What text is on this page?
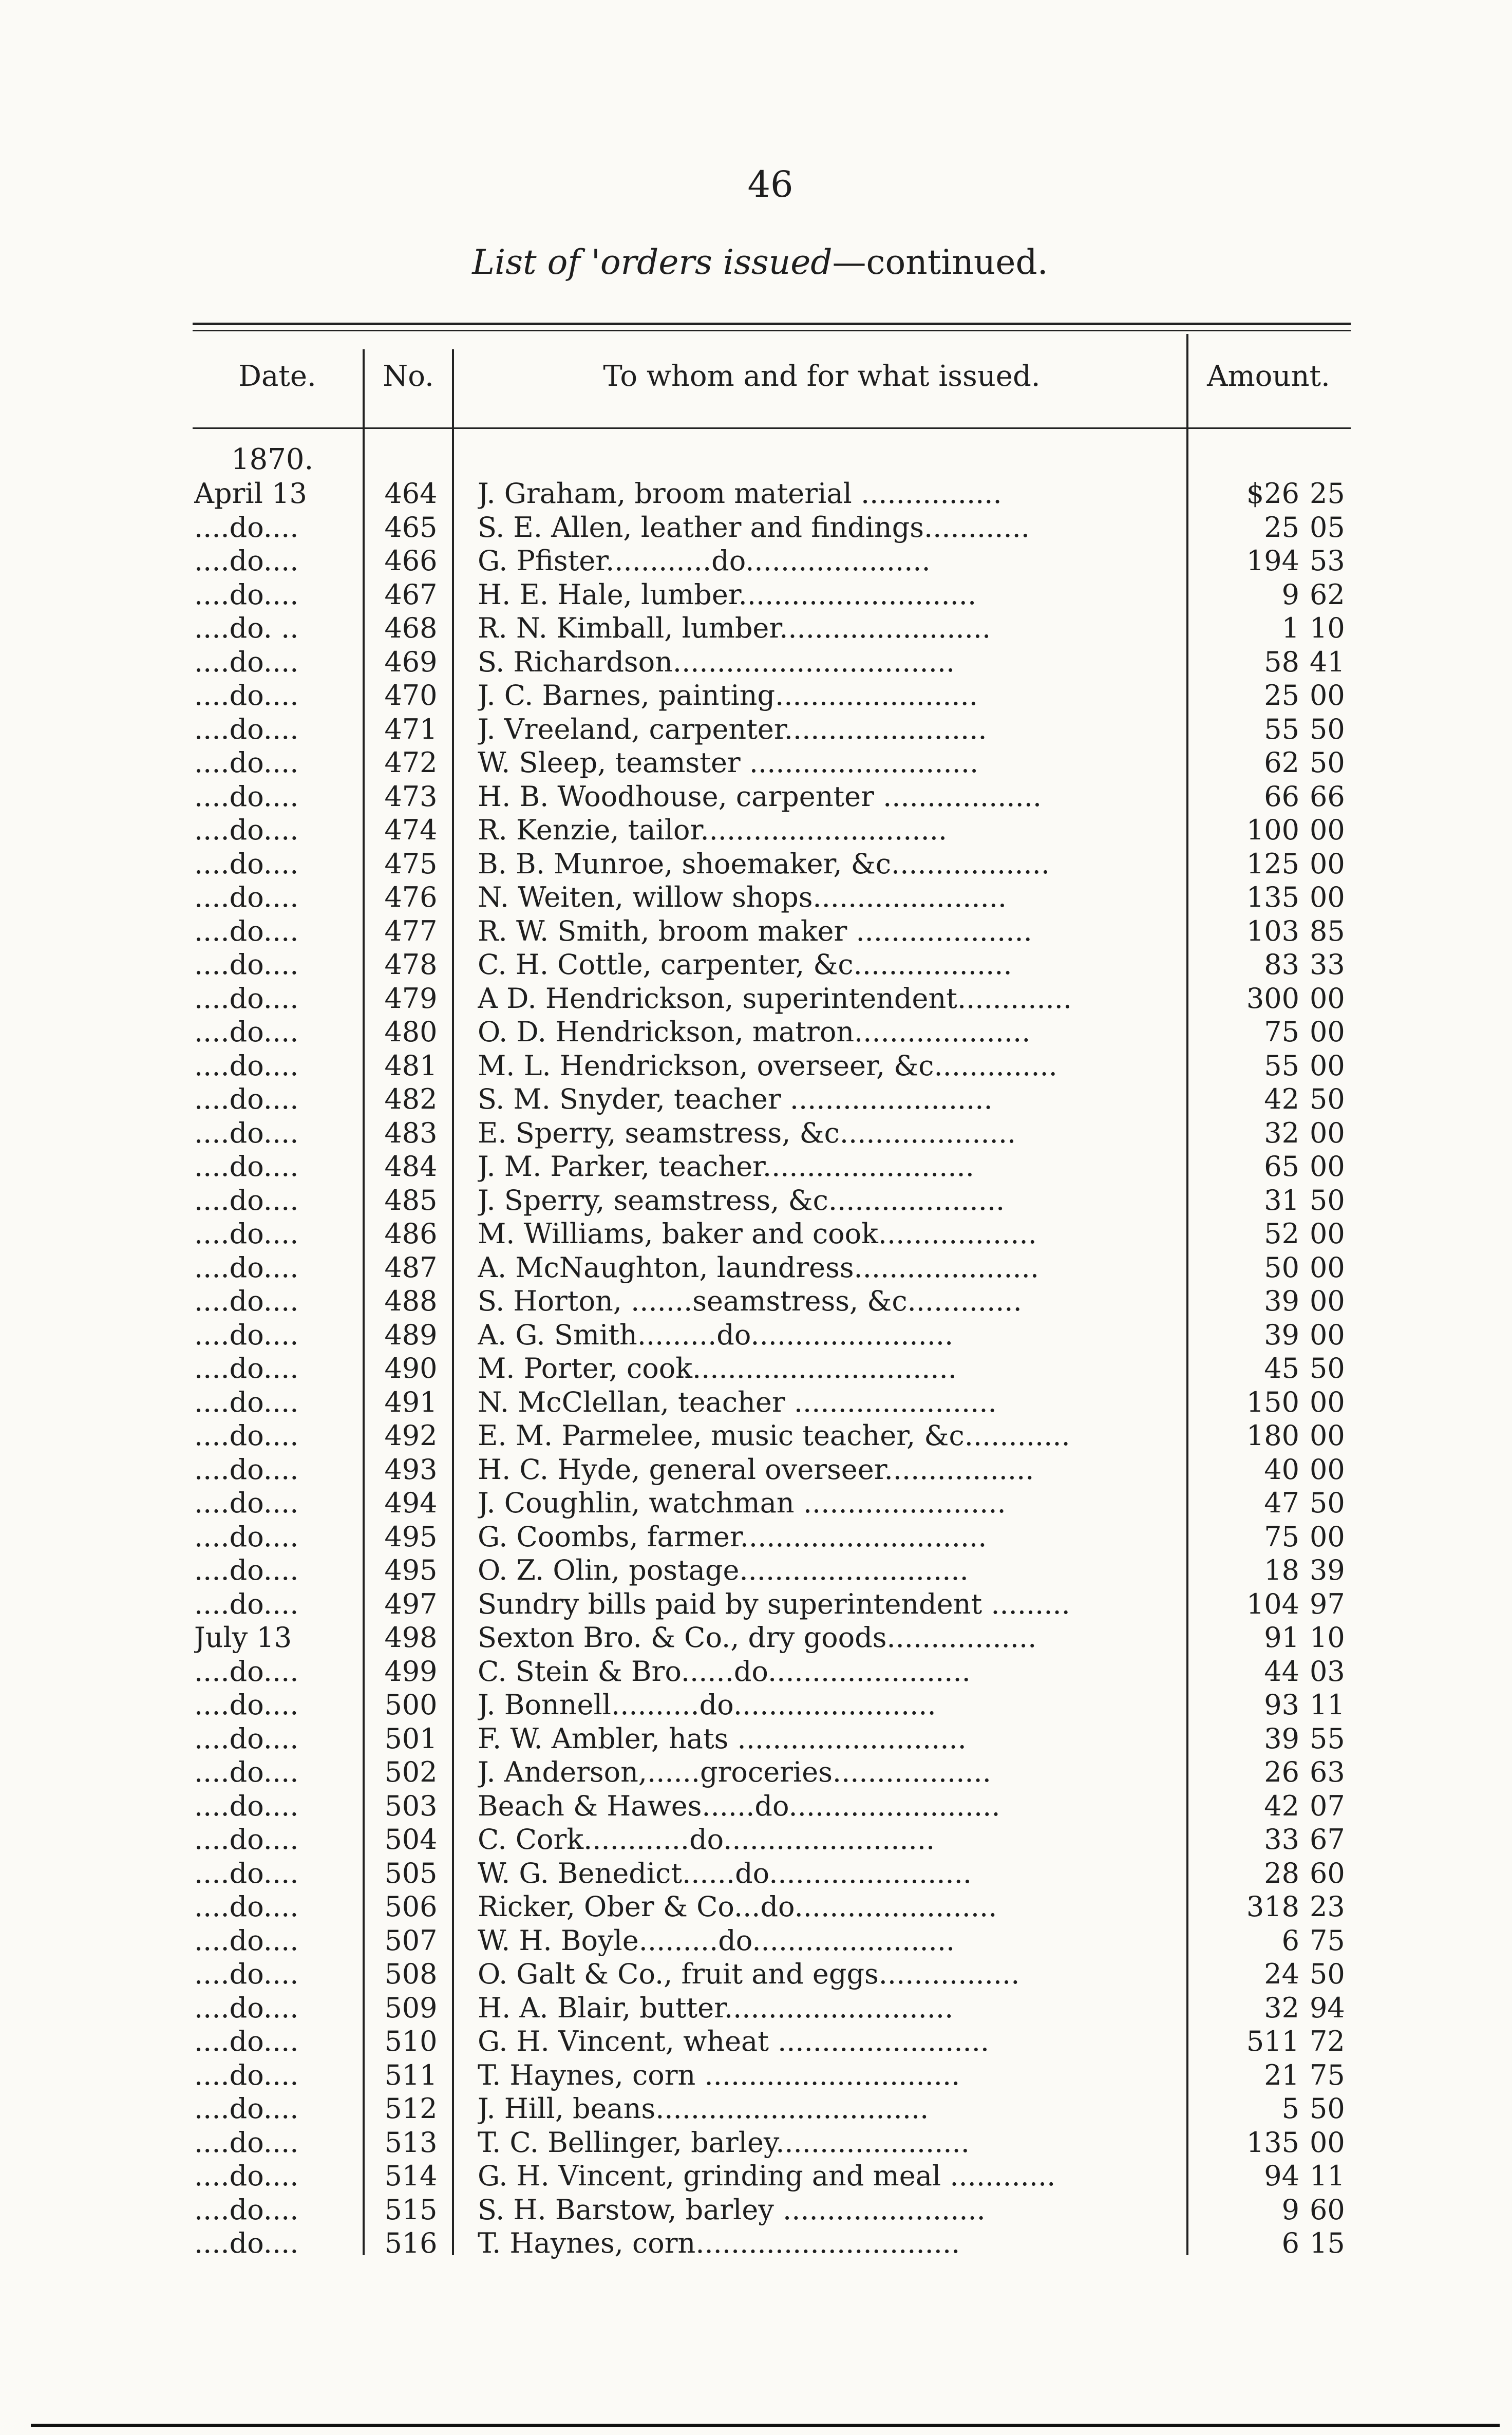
46
List of 'orders issued—continued.
Date.	No.	To whom and for what issued.	Amount.
1870.
April 13	464	J. Graham, broom material ................	$26 25
....do....	465	S. E. Allen, leather and findings............	25 05
....do....	466	G. Pfister............do.....................	194 53
....do....	467	H. E. Hale, lumber...........................	9 62
....do. ..	468	R. N. Kimball, lumber........................	1 10
....do....	469	S. Richardson................................	58 41
....do....	470	J. C. Barnes, painting.......................	25 00
....do....	471	J. Vreeland, carpenter.......................	55 50
....do....	472	W. Sleep, teamster ..........................	62 50
....do....	473	H. B. Woodhouse, carpenter ..................	66 66
....do....	474	R. Kenzie, tailor............................	100 00
....do....	475	B. B. Munroe, shoemaker, &c..................	125 00
....do....	476	N. Weiten, willow shops......................	135 00
....do....	477	R. W. Smith, broom maker ....................	103 85
....do....	478	C. H. Cottle, carpenter, &c..................	83 33
....do....	479	A D. Hendrickson, superintendent.............	300 00
....do....	480	O. D. Hendrickson, matron....................	75 00
....do....	481	M. L. Hendrickson, overseer, &c..............	55 00
....do....	482	S. M. Snyder, teacher .......................	42 50
....do....	483	E. Sperry, seamstress, &c....................	32 00
....do....	484	J. M. Parker, teacher........................	65 00
....do....	485	J. Sperry, seamstress, &c....................	31 50
....do....	486	M. Williams, baker and cook..................	52 00
....do....	487	A. McNaughton, laundress.....................	50 00
....do....	488	S. Horton, .......seamstress, &c.............	39 00
....do....	489	A. G. Smith.........do.......................	39 00
....do....	490	M. Porter, cook..............................	45 50
....do....	491	N. McClellan, teacher .......................	150 00
....do....	492	E. M. Parmelee, music teacher, &c............	180 00
....do....	493	H. C. Hyde, general overseer.................	40 00
....do....	494	J. Coughlin, watchman .......................	47 50
....do....	495	G. Coombs, farmer............................	75 00
....do....	495	O. Z. Olin, postage..........................	18 39
....do....	497	Sundry bills paid by superintendent .........	104 97
July 13	498	Sexton Bro. & Co., dry goods.................	91 10
....do....	499	C. Stein & Bro......do.......................	44 03
....do....	500	J. Bonnell..........do.......................	93 11
....do....	501	F. W. Ambler, hats ..........................	39 55
....do....	502	J. Anderson,......groceries..................	26 63
....do....	503	Beach & Hawes......do........................	42 07
....do....	504	C. Cork............do........................	33 67
....do....	505	W. G. Benedict......do.......................	28 60
....do....	506	Ricker, Ober & Co...do.......................	318 23
....do....	507	W. H. Boyle.........do.......................	6 75
....do....	508	O. Galt & Co., fruit and eggs................	24 50
....do....	509	H. A. Blair, butter..........................	32 94
....do....	510	G. H. Vincent, wheat ........................	511 72
....do....	511	T. Haynes, corn .............................	21 75
....do....	512	J. Hill, beans...............................	5 50
....do....	513	T. C. Bellinger, barley......................	135 00
....do....	514	G. H. Vincent, grinding and meal ............	94 11
....do....	515	S. H. Barstow, barley .......................	9 60
....do....	516	T. Haynes, corn..............................	6 15
